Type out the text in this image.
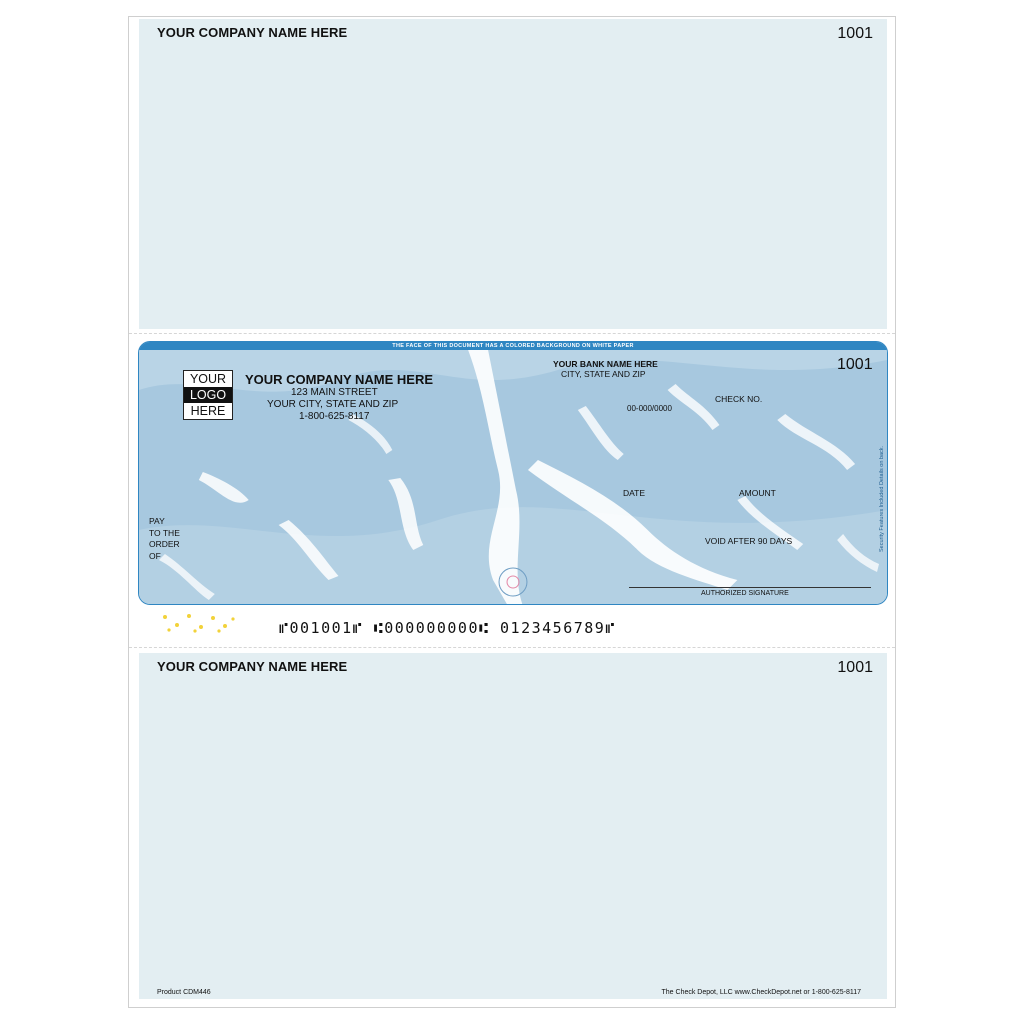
YOUR COMPANY NAME HERE	1001
THE FACE OF THIS DOCUMENT HAS A COLORED BACKGROUND ON WHITE PAPER
YOUR
LOGO
HERE
YOUR COMPANY NAME HERE
123 MAIN STREET
YOUR CITY, STATE AND ZIP
1-800-625-8117
YOUR BANK NAME HERE
CITY, STATE AND ZIP
1001
00-000/0000
CHECK NO.
DATE	AMOUNT
VOID AFTER 90 DAYS
PAY
TO THE
ORDER
OF
AUTHORIZED SIGNATURE
Security Features Included Details on back.
⑈001001⑈ ⑆000000000⑆ 0123456789⑈
YOUR COMPANY NAME HERE	1001
Product CDM446	The Check Depot, LLC www.CheckDepot.net or 1-800-625-8117
